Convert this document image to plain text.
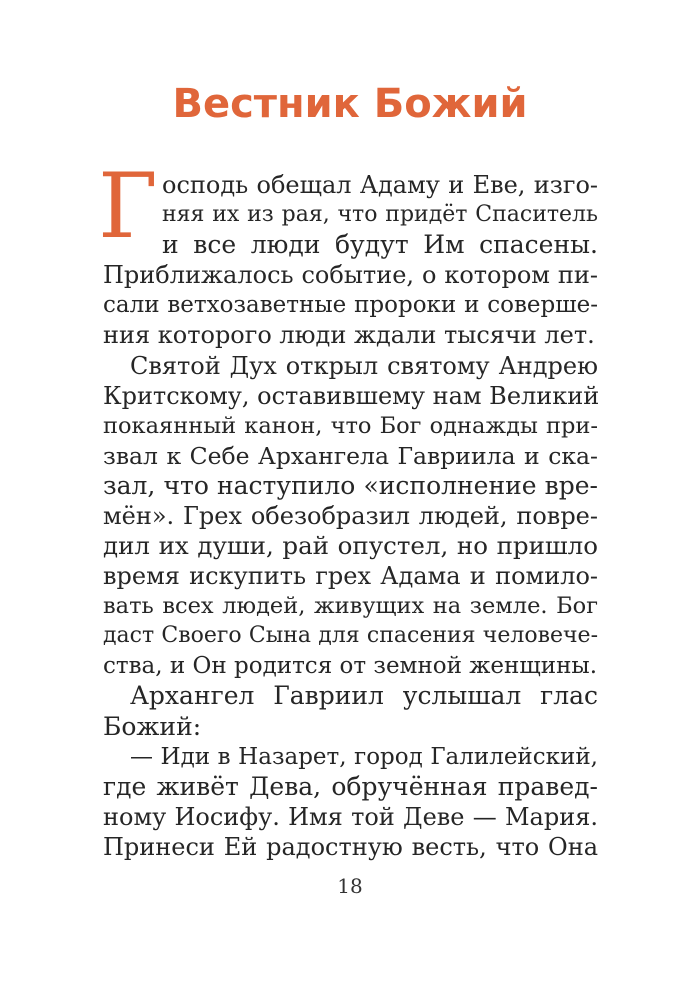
Вестник Божий
Г осподь обещал Адаму и Еве, изго-
няя их из рая, что придёт Спаситель
и все люди будут Им спасены.
Приближалось событие, о котором пи-
сали ветхозаветные пророки и соверше-
ния которого люди ждали тысячи лет.
Святой Дух открыл святому Андрею
Критскому, оставившему нам Великий
покаянный канон, что Бог однажды при-
звал к Себе Архангела Гавриила и ска-
зал, что наступило «исполнение вре-
мён». Грех обезобразил людей, повре-
дил их души, рай опустел, но пришло
время искупить грех Адама и помило-
вать всех людей, живущих на земле. Бог
даст Своего Сына для спасения человече-
ства, и Он родится от земной женщины.
Архангел Гавриил услышал глас
Божий:
— Иди в Назарет, город Галилейский,
где живёт Дева, обручённая правед-
ному Иосифу. Имя той Деве — Мария.
Принеси Ей радостную весть, что Она
18
